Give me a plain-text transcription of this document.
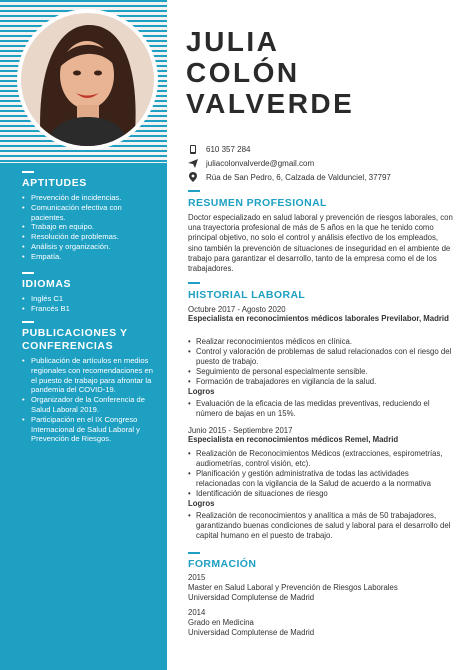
APTITUDES
• Prevención de incidencias.
• Comunicación efectiva con pacientes.
• Trabajo en equipo.
• Resolución de problemas.
• Análisis y organización.
• Empatía.
IDIOMAS
• Inglés C1
• Francés B1
PUBLICACIONES Y CONFERENCIAS
• Publicación de artículos en medios regionales con recomendaciones en el puesto de trabajo para afrontar la pandemia del COVID-19.
• Organizador de la Conferencia de Salud Laboral 2019.
• Participación en el IX Congreso Internacional de Salud Laboral y Prevención de Riesgos.
JULIA
COLÓN
VALVERDE
610 357 284
juliacolonvalverde@gmail.com
Rúa de San Pedro, 6, Calzada de Valdunciel, 37797
RESUMEN PROFESIONAL
Doctor especializado en salud laboral y prevención de riesgos laborales, con una trayectoria profesional de más de 5 años en la que he tenido como principal objetivo, no solo el control y análisis efectivo de los empleados, sino también la prevención de situaciones de inseguridad en el ambiente de trabajo para garantizar el desarrollo, tanto de la empresa como el de los trabajadores.
HISTORIAL LABORAL
Octubre 2017 - Agosto 2020
Especialista en reconocimientos médicos laborales Previlabor, Madrid
• Realizar reconocimientos médicos en clínica.
• Control y valoración de problemas de salud relacionados con el riesgo del puesto de trabajo.
• Seguimiento de personal especialmente sensible.
• Formación de trabajadores en vigilancia de la salud.
Logros
• Evaluación de la eficacia de las medidas preventivas, reduciendo el número de bajas en un 15%.
Junio 2015 - Septiembre 2017
Especialista en reconocimientos médicos Remel, Madrid
• Realización de Reconocimientos Médicos (extracciones, espirometrías, audiometrías, control visión, etc).
• Planificación y gestión administrativa de todas las actividades relacionadas con la vigilancia de la Salud de acuerdo a la normativa
• Identificación de situaciones de riesgo
Logros
• Realización de reconocimientos y analítica a más de 50 trabajadores, garantizando buenas condiciones de salud y laboral para el desarrollo del capital humano en el puesto de trabajo.
FORMACIÓN
2015
Master en Salud Laboral y Prevención de Riesgos Laborales
Universidad Complutense de Madrid
2014
Grado en Medicina
Universidad Complutense de Madrid
